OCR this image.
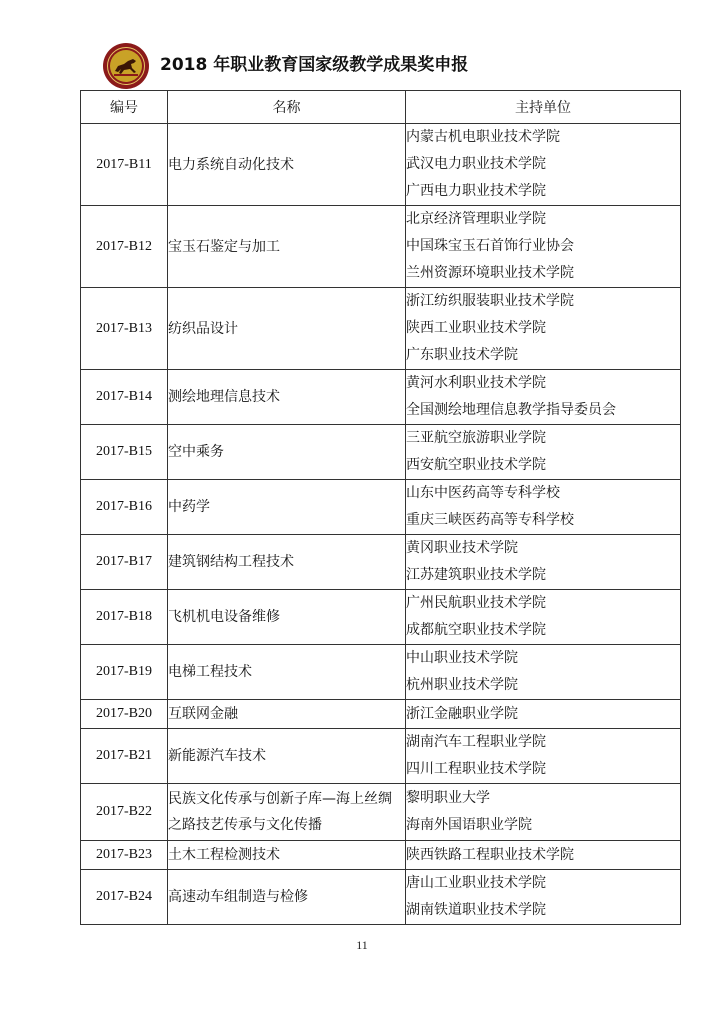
2018 年职业教育国家级教学成果奖申报
编号	名称	主持单位
2017-B11	电力系统自动化技术	内蒙古机电职业技术学院
武汉电力职业技术学院
广西电力职业技术学院

2017-B12	宝玉石鉴定与加工	北京经济管理职业学院
中国珠宝玉石首饰行业协会
兰州资源环境职业技术学院

2017-B13	纺织品设计	浙江纺织服装职业技术学院
陕西工业职业技术学院
广东职业技术学院

2017-B14	测绘地理信息技术	黄河水利职业技术学院
全国测绘地理信息教学指导委员会

2017-B15	空中乘务	三亚航空旅游职业学院
西安航空职业技术学院

2017-B16	中药学	山东中医药高等专科学校
重庆三峡医药高等专科学校

2017-B17	建筑钢结构工程技术	黄冈职业技术学院
江苏建筑职业技术学院

2017-B18	飞机机电设备维修	广州民航职业技术学院
成都航空职业技术学院

2017-B19	电梯工程技术	中山职业技术学院
杭州职业技术学院

2017-B20	互联网金融	浙江金融职业学院

2017-B21	新能源汽车技术	湖南汽车工程职业学院
四川工程职业技术学院

2017-B22	民族文化传承与创新子库—海上丝绸之路技艺传承与文化传播	黎明职业大学
海南外国语职业学院

2017-B23	土木工程检测技术	陕西铁路工程职业技术学院

2017-B24	高速动车组制造与检修	唐山工业职业技术学院
湖南铁道职业技术学院
11
